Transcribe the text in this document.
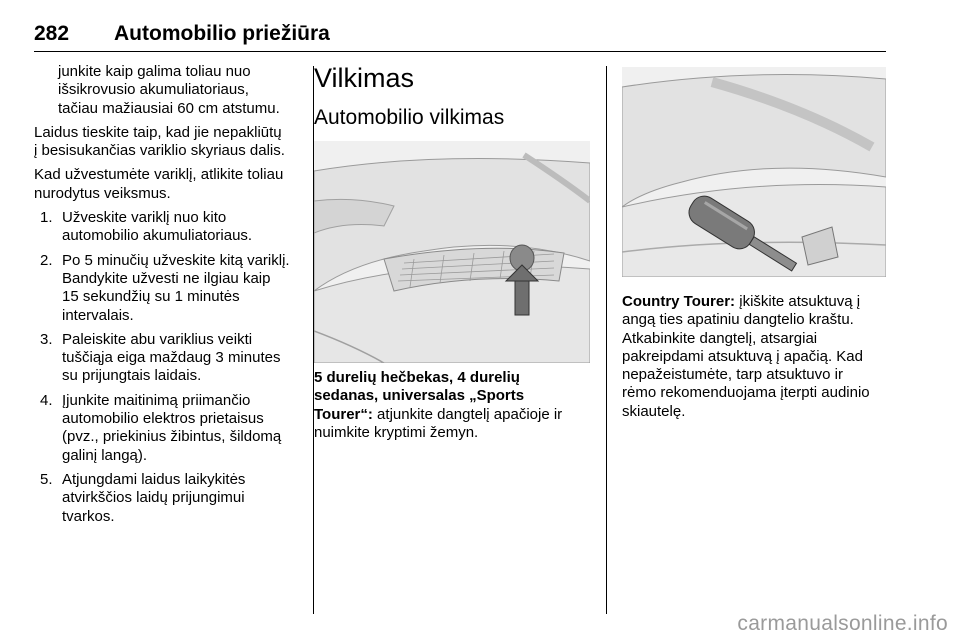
282 Automobilio priežiūra

junkite kaip galima toliau nuo
išsikrovusio akumuliatoriaus,
tačiau mažiausiai 60 cm atstumu.

Laidus tieskite taip, kad jie nepakliūtų
į besisukančias variklio skyriaus dalis.

Kad užvestumėte variklį, atlikite toliau
nurodytus veiksmus.

1. Užveskite variklį nuo kito
automobilio akumuliatoriaus.
2. Po 5 minučių užveskite kitą variklį.
Bandykite užvesti ne ilgiau kaip
15 sekundžių su 1 minutės
intervalais.
3. Paleiskite abu variklius veikti
tuščiąja eiga maždaug 3 minutes
su prijungtais laidais.
4. Įjunkite maitinimą priimančio
automobilio elektros prietaisus
(pvz., priekinius žibintus, šildomą
galinį langą).
5. Atjungdami laidus laikykitės
atvirkščios laidų prijungimui
tvarkos.
Vilkimas
Automobilio vilkimas

5 durelių hečbekas, 4 durelių
sedanas, universalas „Sports
Tourer“: atjunkite dangtelį apačioje ir
nuimkite kryptimi žemyn.

Country Tourer: įkiškite atsuktuvą į
angą ties apatiniu dangtelio kraštu.
Atkabinkite dangtelį, atsargiai
pakreipdami atsuktuvą į apačią. Kad
nepažeistumėte, tarp atsuktuvo ir
rėmo rekomenduojama įterpti audinio
skiautelę.

carmanualsonline.info
